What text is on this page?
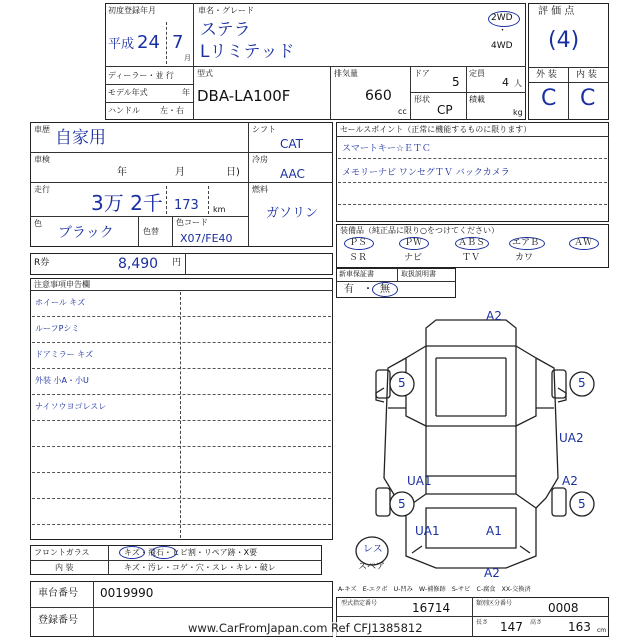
初度登録年月
平成 24 7
月
車名・グレード
ステラ
Lリミテッド
2WD
・
4WD
ディーラー・並 行
モデル年式	年
ハンドル	左・右
型式
DBA-LA100F
排気量
660
cc
ドア
5
定員
4 人
形状
CP
積載
kg
評 価 点
(4)
外 装 内 装
C C
車歴 自家用
車検
年	月	日)
走行
3万 2千 173 km
色
ブラック	色替
色コード
X07/FE40
シフト
CAT
冷房
AAC
燃料
ガソリン
R券	8,490 円
セールスポイント（正常に機能するものに限ります）
スマートキー☆ＥＴＣ
メモリーナビ ワンセグＴＶ バックカメラ
装備品（純正品に限り○をつけてください）
ＰＳ	ＰＷ	ＡＢＳ	エアＢ	ＡＷ
ＳＲ	ナビ	ＴＶ	カワ
新車保証書	取扱説明書
有 ・ 無
注意事項申告欄
ホイール キズ
ルーフPシミ
ドアミラー キズ
外装 小A・小U
ナイソウヨゴレスレ
A2
5	5
UA2
UA1	A2
5	5
UA1	A1
A2
レス
スペア
A-キズ　E-エクボ　U-凹み　W-補修跡　S-サビ　C-腐食　XX-交換済
フロントガラス
内 装
キズ・飛石・ヒビ割・リペア跡・X要
キズ・汚レ・コゲ・穴・スレ・キレ・破レ
車台番号 0019990
登録番号
型式指定番号	16714	類別区分番号	0008
長さ 147 高さ 163 cm
www.CarFromJapan.com Ref CFJ1385812
